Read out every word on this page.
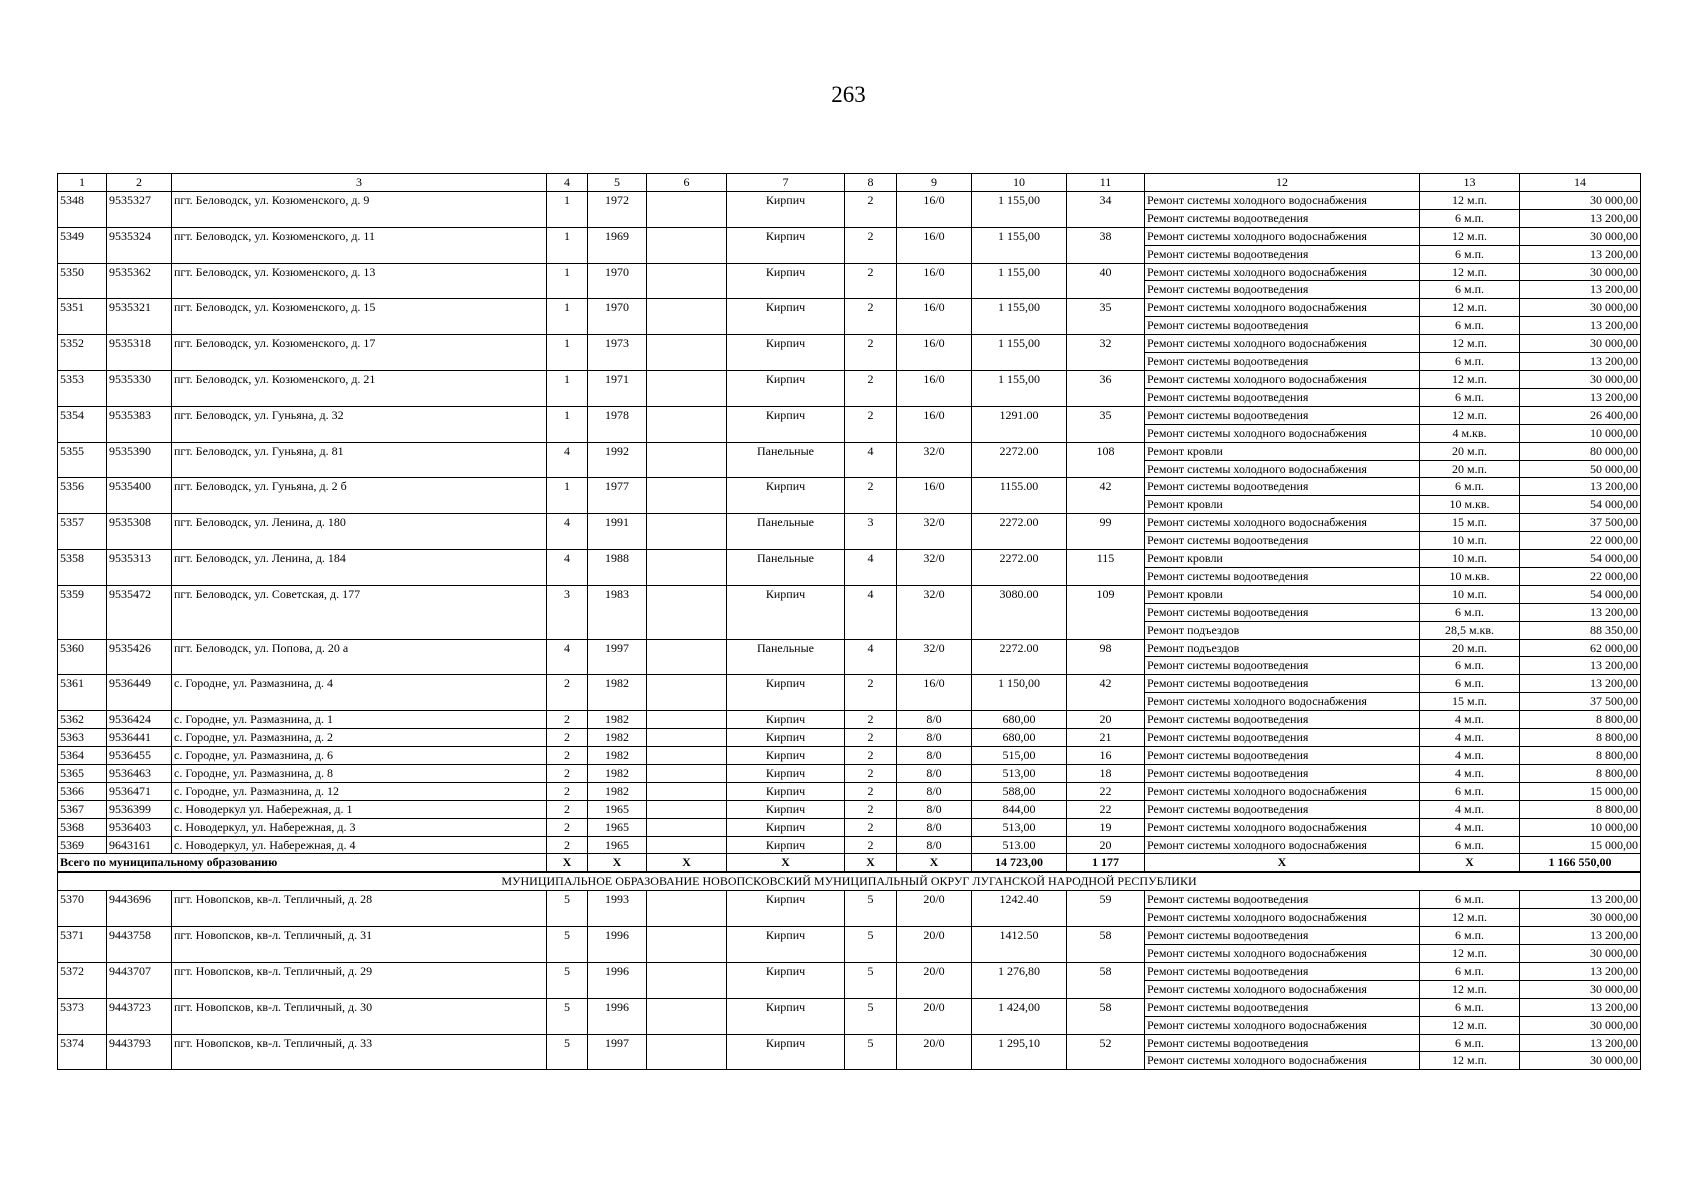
263
1	2	3	4	5	6	7	8	9	10	11	12	13	14
5348	9535327	пгт. Беловодск, ул. Козюменского, д. 9	1	1972		Кирпич	2	16/0	1 155,00	34	Ремонт системы холодного водоснабжения	12 м.п.	30 000,00
											Ремонт системы водоотведения	6 м.п.	13 200,00
5349	9535324	пгт. Беловодск, ул. Козюменского, д. 11	1	1969		Кирпич	2	16/0	1 155,00	38	Ремонт системы холодного водоснабжения	12 м.п.	30 000,00
											Ремонт системы водоотведения	6 м.п.	13 200,00
5350	9535362	пгт. Беловодск, ул. Козюменского, д. 13	1	1970		Кирпич	2	16/0	1 155,00	40	Ремонт системы холодного водоснабжения	12 м.п.	30 000,00
											Ремонт системы водоотведения	6 м.п.	13 200,00
5351	9535321	пгт. Беловодск, ул. Козюменского, д. 15	1	1970		Кирпич	2	16/0	1 155,00	35	Ремонт системы холодного водоснабжения	12 м.п.	30 000,00
											Ремонт системы водоотведения	6 м.п.	13 200,00
5352	9535318	пгт. Беловодск, ул. Козюменского, д. 17	1	1973		Кирпич	2	16/0	1 155,00	32	Ремонт системы холодного водоснабжения	12 м.п.	30 000,00
											Ремонт системы водоотведения	6 м.п.	13 200,00
5353	9535330	пгт. Беловодск, ул. Козюменского, д. 21	1	1971		Кирпич	2	16/0	1 155,00	36	Ремонт системы холодного водоснабжения	12 м.п.	30 000,00
											Ремонт системы водоотведения	6 м.п.	13 200,00
5354	9535383	пгт. Беловодск, ул. Гуньяна, д. 32	1	1978		Кирпич	2	16/0	1291.00	35	Ремонт системы водоотведения	12 м.п.	26 400,00
											Ремонт системы холодного водоснабжения	4 м.кв.	10 000,00
5355	9535390	пгт. Беловодск, ул. Гуньяна, д. 81	4	1992		Панельные	4	32/0	2272.00	108	Ремонт кровли	20 м.п.	80 000,00
											Ремонт системы холодного водоснабжения	20 м.п.	50 000,00
5356	9535400	пгт. Беловодск, ул. Гуньяна, д. 2 б	1	1977		Кирпич	2	16/0	1155.00	42	Ремонт системы водоотведения	6 м.п.	13 200,00
											Ремонт кровли	10 м.кв.	54 000,00
5357	9535308	пгт. Беловодск, ул. Ленина, д. 180	4	1991		Панельные	3	32/0	2272.00	99	Ремонт системы холодного водоснабжения	15 м.п.	37 500,00
											Ремонт системы водоотведения	10 м.п.	22 000,00
5358	9535313	пгт. Беловодск, ул. Ленина, д. 184	4	1988		Панельные	4	32/0	2272.00	115	Ремонт кровли	10 м.п.	54 000,00
											Ремонт системы водоотведения	10 м.кв.	22 000,00
5359	9535472	пгт. Беловодск, ул. Советская, д. 177	3	1983		Кирпич	4	32/0	3080.00	109	Ремонт кровли	10 м.п.	54 000,00
											Ремонт системы водоотведения	6 м.п.	13 200,00
											Ремонт подъездов	28,5 м.кв.	88 350,00
5360	9535426	пгт. Беловодск, ул. Попова, д. 20 а	4	1997		Панельные	4	32/0	2272.00	98	Ремонт подъездов	20 м.п.	62 000,00
											Ремонт системы водоотведения	6 м.п.	13 200,00
5361	9536449	с. Городне, ул. Размазнина, д. 4	2	1982		Кирпич	2	16/0	1 150,00	42	Ремонт системы водоотведения	6 м.п.	13 200,00
											Ремонт системы холодного водоснабжения	15 м.п.	37 500,00
5362	9536424	с. Городне, ул. Размазнина, д. 1	2	1982		Кирпич	2	8/0	680,00	20	Ремонт системы водоотведения	4 м.п.	8 800,00
5363	9536441	с. Городне, ул. Размазнина, д. 2	2	1982		Кирпич	2	8/0	680,00	21	Ремонт системы водоотведения	4 м.п.	8 800,00
5364	9536455	с. Городне, ул. Размазнина, д. 6	2	1982		Кирпич	2	8/0	515,00	16	Ремонт системы водоотведения	4 м.п.	8 800,00
5365	9536463	с. Городне, ул. Размазнина, д. 8	2	1982		Кирпич	2	8/0	513,00	18	Ремонт системы водоотведения	4 м.п.	8 800,00
5366	9536471	с. Городне, ул. Размазнина, д. 12	2	1982		Кирпич	2	8/0	588,00	22	Ремонт системы холодного водоснабжения	6 м.п.	15 000,00
5367	9536399	с. Новодеркул ул. Набережная, д. 1	2	1965		Кирпич	2	8/0	844,00	22	Ремонт системы водоотведения	4 м.п.	8 800,00
5368	9536403	с. Новодеркул, ул. Набережная, д. 3	2	1965		Кирпич	2	8/0	513,00	19	Ремонт системы холодного водоснабжения	4 м.п.	10 000,00
5369	9643161	с. Новодеркул, ул. Набережная, д. 4	2	1965		Кирпич	2	8/0	513.00	20	Ремонт системы холодного водоснабжения	6 м.п.	15 000,00
Всего по муниципальному образованию			Х	Х	Х	Х	Х	Х	14 723,00	1 177	Х	Х	1 166 550,00
МУНИЦИПАЛЬНОЕ ОБРАЗОВАНИЕ НОВОПСКОВСКИЙ МУНИЦИПАЛЬНЫЙ ОКРУГ ЛУГАНСКОЙ НАРОДНОЙ РЕСПУБЛИКИ													
5370	9443696	пгт. Новопсков, кв-л. Тепличный, д. 28	5	1993		Кирпич	5	20/0	1242.40	59	Ремонт системы водоотведения	6 м.п.	13 200,00
											Ремонт системы холодного водоснабжения	12 м.п.	30 000,00
5371	9443758	пгт. Новопсков, кв-л. Тепличный, д. 31	5	1996		Кирпич	5	20/0	1412.50	58	Ремонт системы водоотведения	6 м.п.	13 200,00
											Ремонт системы холодного водоснабжения	12 м.п.	30 000,00
5372	9443707	пгт. Новопсков, кв-л. Тепличный, д. 29	5	1996		Кирпич	5	20/0	1 276,80	58	Ремонт системы водоотведения	6 м.п.	13 200,00
											Ремонт системы холодного водоснабжения	12 м.п.	30 000,00
5373	9443723	пгт. Новопсков, кв-л. Тепличный, д. 30	5	1996		Кирпич	5	20/0	1 424,00	58	Ремонт системы водоотведения	6 м.п.	13 200,00
											Ремонт системы холодного водоснабжения	12 м.п.	30 000,00
5374	9443793	пгт. Новопсков, кв-л. Тепличный, д. 33	5	1997		Кирпич	5	20/0	1 295,10	52	Ремонт системы водоотведения	6 м.п.	13 200,00
											Ремонт системы холодного водоснабжения	12 м.п.	30 000,00
